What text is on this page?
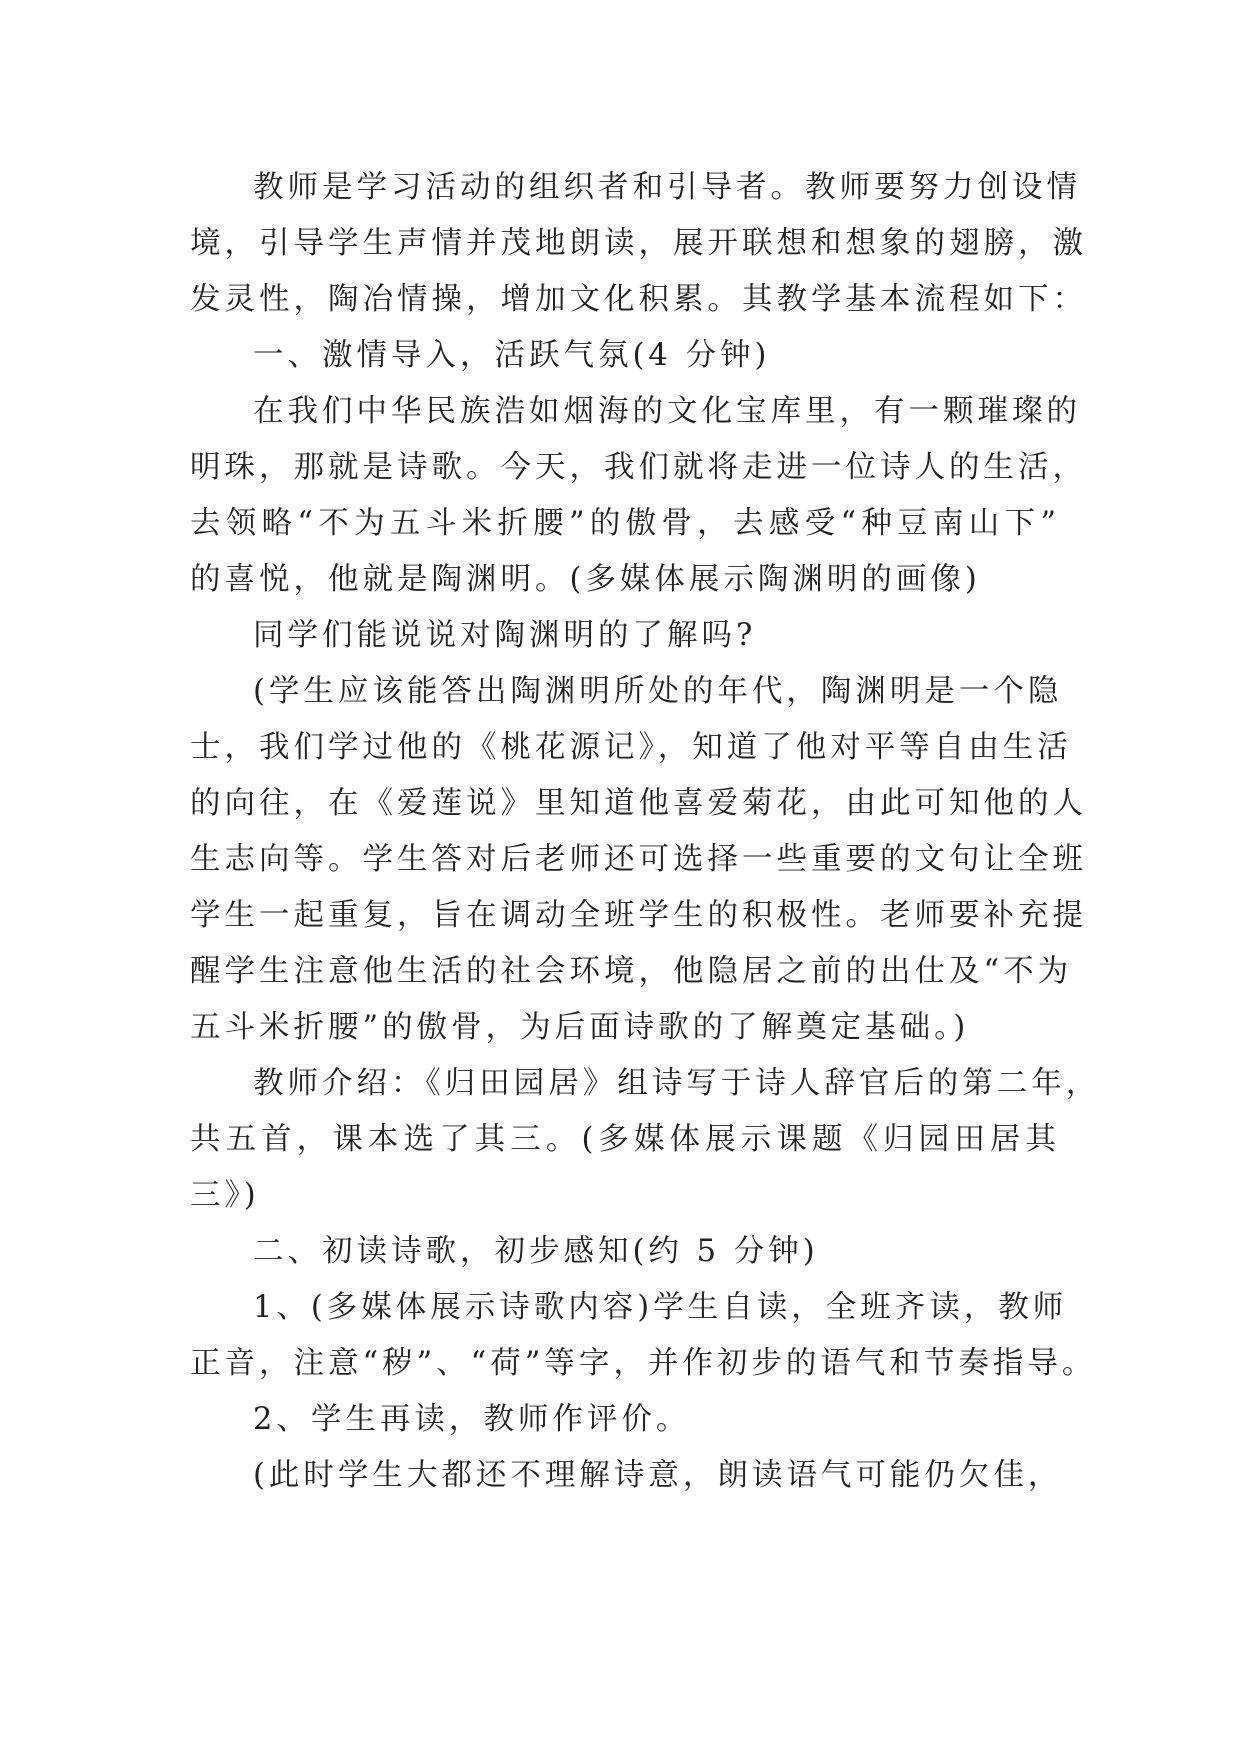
教师是学习活动的组织者和引导者。教师要努力创设情
境，引导学生声情并茂地朗读，展开联想和想象的翅膀，激
发灵性，陶冶情操，增加文化积累。其教学基本流程如下：
一、激情导入，活跃气氛(4 分钟)
在我们中华民族浩如烟海的文化宝库里，有一颗璀璨的
明珠，那就是诗歌。今天，我们就将走进一位诗人的生活，
去领略“不为五斗米折腰”的傲骨，去感受“种豆南山下”
的喜悦，他就是陶渊明。(多媒体展示陶渊明的画像)
同学们能说说对陶渊明的了解吗?
(学生应该能答出陶渊明所处的年代，陶渊明是一个隐
士，我们学过他的《桃花源记》，知道了他对平等自由生活
的向往，在《爱莲说》里知道他喜爱菊花，由此可知他的人
生志向等。学生答对后老师还可选择一些重要的文句让全班
学生一起重复，旨在调动全班学生的积极性。老师要补充提
醒学生注意他生活的社会环境，他隐居之前的出仕及“不为
五斗米折腰”的傲骨，为后面诗歌的了解奠定基础。)
教师介绍：《归田园居》组诗写于诗人辞官后的第二年，
共五首，课本选了其三。(多媒体展示课题《归园田居其
三》)
二、初读诗歌，初步感知(约 5 分钟)
1、(多媒体展示诗歌内容)学生自读，全班齐读，教师
正音，注意“秽”、“荷”等字，并作初步的语气和节奏指导。
2、学生再读，教师作评价。
(此时学生大都还不理解诗意，朗读语气可能仍欠佳，
